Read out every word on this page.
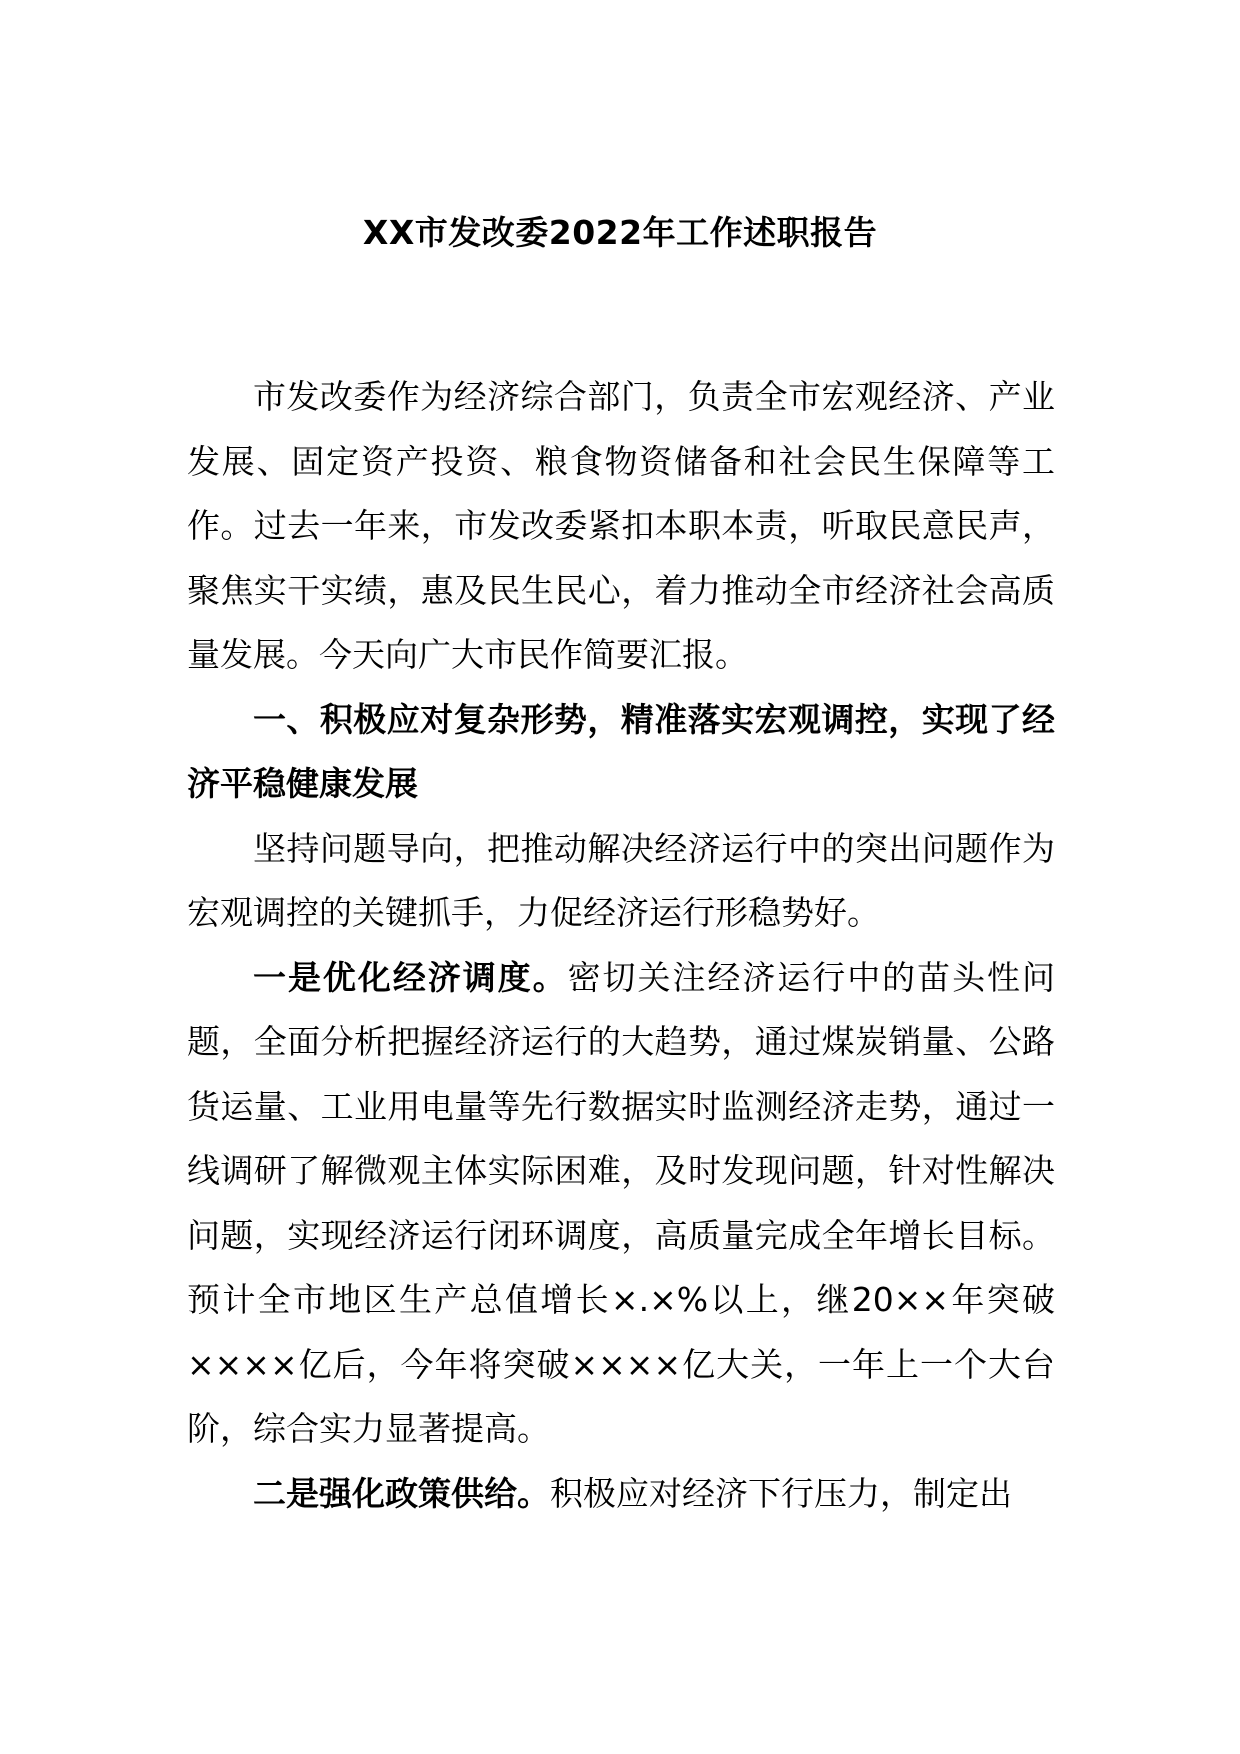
XX市发改委2022年工作述职报告

市发改委作为经济综合部门，负责全市宏观经济、产业发展、固定资产投资、粮食物资储备和社会民生保障等工作。过去一年来，市发改委紧扣本职本责，听取民意民声，聚焦实干实绩，惠及民生民心，着力推动全市经济社会高质量发展。今天向广大市民作简要汇报。

一、积极应对复杂形势，精准落实宏观调控，实现了经济平稳健康发展

坚持问题导向，把推动解决经济运行中的突出问题作为宏观调控的关键抓手，力促经济运行形稳势好。

一是优化经济调度。密切关注经济运行中的苗头性问题，全面分析把握经济运行的大趋势，通过煤炭销量、公路货运量、工业用电量等先行数据实时监测经济走势，通过一线调研了解微观主体实际困难，及时发现问题，针对性解决问题，实现经济运行闭环调度，高质量完成全年增长目标。预计全市地区生产总值增长×.×%以上，继20××年突破××××亿后，今年将突破××××亿大关，一年上一个大台阶，综合实力显著提高。

二是强化政策供给。积极应对经济下行压力，制定出
